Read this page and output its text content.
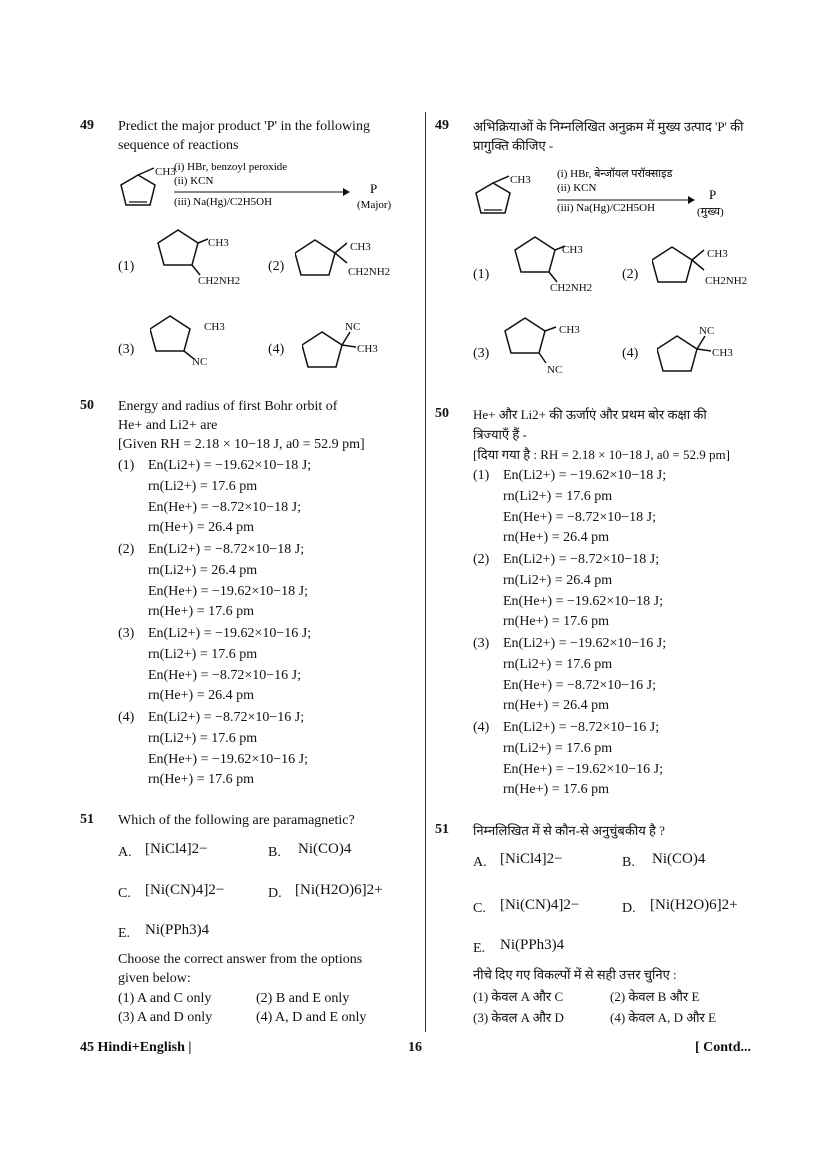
49 Predict the major product 'P' in the following
sequence of reactions
(i) HBr, benzoyl peroxide
(ii) KCN
(iii) Na(Hg)/C2H5OH
P
(Major)
CH3
(1)
CH3
CH2NH2
(2)
CH3
CH2NH2
(3)
CH3
NC
(4)
NC
CH3
50 Energy and radius of first Bohr orbit of
He+ and Li2+ are
[Given RH = 2.18 × 10−18 J, a0 = 52.9 pm]
(1) En(Li2+) = −19.62×10−18 J;
rn(Li2+) = 17.6 pm
En(He+) = −8.72×10−18 J;
rn(He+) = 26.4 pm
(2) En(Li2+) = −8.72×10−18 J;
rn(Li2+) = 26.4 pm
En(He+) = −19.62×10−18 J;
rn(He+) = 17.6 pm
(3) En(Li2+) = −19.62×10−16 J;
rn(Li2+) = 17.6 pm
En(He+) = −8.72×10−16 J;
rn(He+) = 26.4 pm
(4) En(Li2+) = −8.72×10−16 J;
rn(Li2+) = 17.6 pm
En(He+) = −19.62×10−16 J;
rn(He+) = 17.6 pm
51 Which of the following are paramagnetic?
A. [NiCl4]2−	B. Ni(CO)4
C. [Ni(CN)4]2−	D. [Ni(H2O)6]2+
E. Ni(PPh3)4
Choose the correct answer from the options
given below:
(1) A and C only	(2) B and E only
(3) A and D only	(4) A, D and E only
49 अभिक्रियाओं के निम्नलिखित अनुक्रम में मुख्य उत्पाद 'P' की
प्रागुक्ति कीजिए -
(i) HBr, बेन्जॉयल परॉक्साइड
(ii) KCN
(iii) Na(Hg)/C2H5OH
P
(मुख्य)
CH3
(1)
CH3
CH2NH2
(2)
CH3
CH2NH2
(3)
CH3
NC
(4)
NC
CH3
50 He+ और Li2+ की ऊर्जाएं और प्रथम बोर कक्षा की
त्रिज्याएँ हैं -
[दिया गया है : RH = 2.18 × 10−18 J, a0 = 52.9 pm]
(1) En(Li2+) = −19.62×10−18 J;
rn(Li2+) = 17.6 pm
En(He+) = −8.72×10−18 J;
rn(He+) = 26.4 pm
(2) En(Li2+) = −8.72×10−18 J;
rn(Li2+) = 26.4 pm
En(He+) = −19.62×10−18 J;
rn(He+) = 17.6 pm
(3) En(Li2+) = −19.62×10−16 J;
rn(Li2+) = 17.6 pm
En(He+) = −8.72×10−16 J;
rn(He+) = 26.4 pm
(4) En(Li2+) = −8.72×10−16 J;
rn(Li2+) = 17.6 pm
En(He+) = −19.62×10−16 J;
rn(He+) = 17.6 pm
51 निम्नलिखित में से कौन-से अनुचुंबकीय है ?
A. [NiCl4]2−	B. Ni(CO)4
C. [Ni(CN)4]2−	D. [Ni(H2O)6]2+
E. Ni(PPh3)4
नीचे दिए गए विकल्पों में से सही उत्तर चुनिए :
(1) केवल A और C	(2) केवल B और E
(3) केवल A और D	(4) केवल A, D और E
45 Hindi+English |	16	[ Contd...
